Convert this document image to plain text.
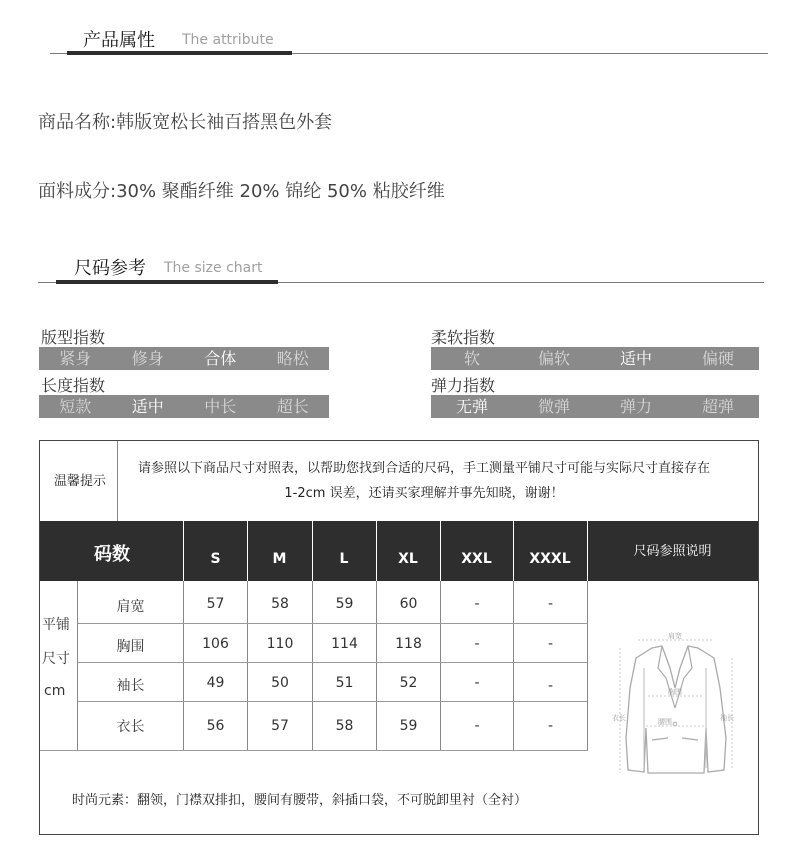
产品属性 The attribute
商品名称:韩版宽松长袖百搭黑色外套
面料成分:30% 聚酯纤维 20% 锦纶 50% 粘胶纤维
尺码参考 The size chart
版型指数
紧身	修身	合体	略松
长度指数
短款	适中	中长	超长
柔软指数
软	偏软	适中	偏硬
弹力指数
无弹	微弹	弹力	超弹
温馨提示
请参照以下商品尺寸对照表，以帮助您找到合适的尺码，手工测量平铺尺寸可能与实际尺寸直接存在
1-2cm 误差，还请买家理解并事先知晓，谢谢！
码数	S	M	L	XL	XXL	XXXL	尺码参照说明
平铺
尺寸
cm
肩宽	57	58	59	60	-	-
胸围	106	110	114	118	-	-
袖长	49	50	51	52	-	-
衣长	56	57	58	59	-	-
肩宽
胸围
腰围
衣长	袖长
时尚元素：翻领，门襟双排扣，腰间有腰带，斜插口袋，不可脱卸里衬（全衬）
